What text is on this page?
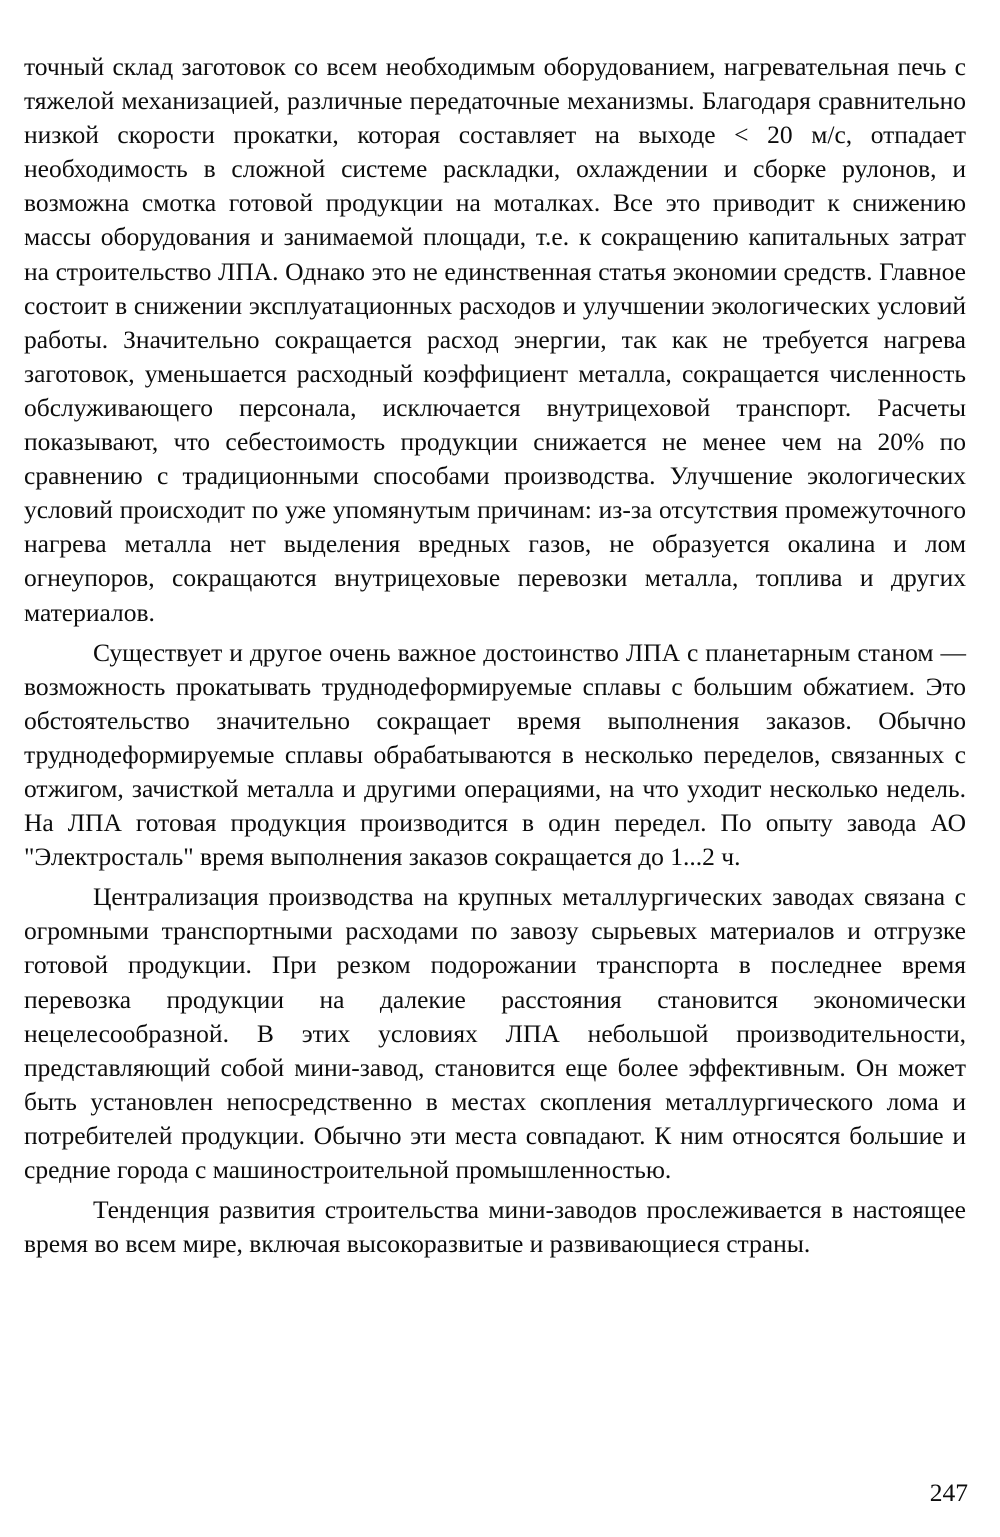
точный склад заготовок со всем необходимым оборудованием, нагревательная печь с тяжелой механизацией, различные передаточные механизмы. Благодаря сравнительно низкой скорости прокатки, которая составляет на выходе < 20 м/с, отпадает необходимость в сложной системе раскладки, охлаждении и сборке рулонов, и возможна смотка готовой продукции на моталках. Все это приводит к снижению массы оборудования и занимаемой площади, т.е. к сокращению капитальных затрат на строительство ЛПА. Однако это не единственная статья экономии средств. Главное состоит в снижении эксплуатационных расходов и улучшении экологических условий работы. Значительно сокращается расход энергии, так как не требуется нагрева заготовок, уменьшается расходный коэффициент металла, сокращается численность обслуживающего персонала, исключается внутрицеховой транспорт. Расчеты показывают, что себестоимость продукции снижается не менее чем на 20% по сравнению с традиционными способами производства. Улучшение экологических условий происходит по уже упомянутым причинам: из-за отсутствия промежуточного нагрева металла нет выделения вредных газов, не образуется окалина и лом огнеупоров, сокращаются внутрицеховые перевозки металла, топлива и других материалов.

Существует и другое очень важное достоинство ЛПА с планетарным станом — возможность прокатывать труднодеформируемые сплавы с большим обжатием. Это обстоятельство значительно сокращает время выполнения заказов. Обычно труднодеформируемые сплавы обрабатываются в несколько переделов, связанных с отжигом, зачисткой металла и другими операциями, на что уходит несколько недель. На ЛПА готовая продукция производится в один передел. По опыту завода АО "Электросталь" время выполнения заказов сокращается до 1...2 ч.

Централизация производства на крупных металлургических заводах связана с огромными транспортными расходами по завозу сырьевых материалов и отгрузке готовой продукции. При резком подорожании транспорта в последнее время перевозка продукции на далекие расстояния становится экономически нецелесообразной. В этих условиях ЛПА небольшой производительности, представляющий собой мини-завод, становится еще более эффективным. Он может быть установлен непосредственно в местах скопления металлургического лома и потребителей продукции. Обычно эти места совпадают. К ним относятся большие и средние города с машиностроительной промышленностью.

Тенденция развития строительства мини-заводов прослеживается в настоящее время во всем мире, включая высокоразвитые и развивающиеся страны.

247
